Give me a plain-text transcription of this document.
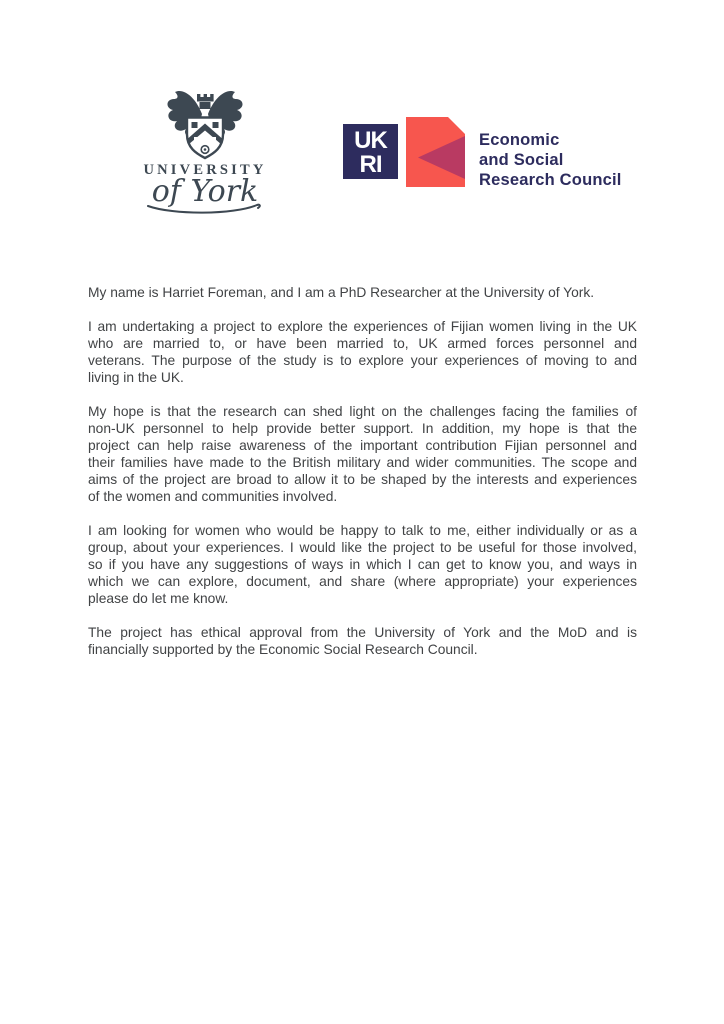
UNIVERSITY
of York
UK
RI
Economic
and Social
Research Council
My name is Harriet Foreman, and I am a PhD Researcher at the University of York.
I am undertaking a project to explore the experiences of Fijian women living in the UK
who are married to, or have been married to, UK armed forces personnel and
veterans. The purpose of the study is to explore your experiences of moving to and
living in the UK.
My hope is that the research can shed light on the challenges facing the families of
non-UK personnel to help provide better support. In addition, my hope is that the
project can help raise awareness of the important contribution Fijian personnel and
their families have made to the British military and wider communities. The scope and
aims of the project are broad to allow it to be shaped by the interests and experiences
of the women and communities involved.
I am looking for women who would be happy to talk to me, either individually or as a
group, about your experiences. I would like the project to be useful for those involved,
so if you have any suggestions of ways in which I can get to know you, and ways in
which we can explore, document, and share (where appropriate) your experiences
please do let me know.
The project has ethical approval from the University of York and the MoD and is
financially supported by the Economic Social Research Council.
